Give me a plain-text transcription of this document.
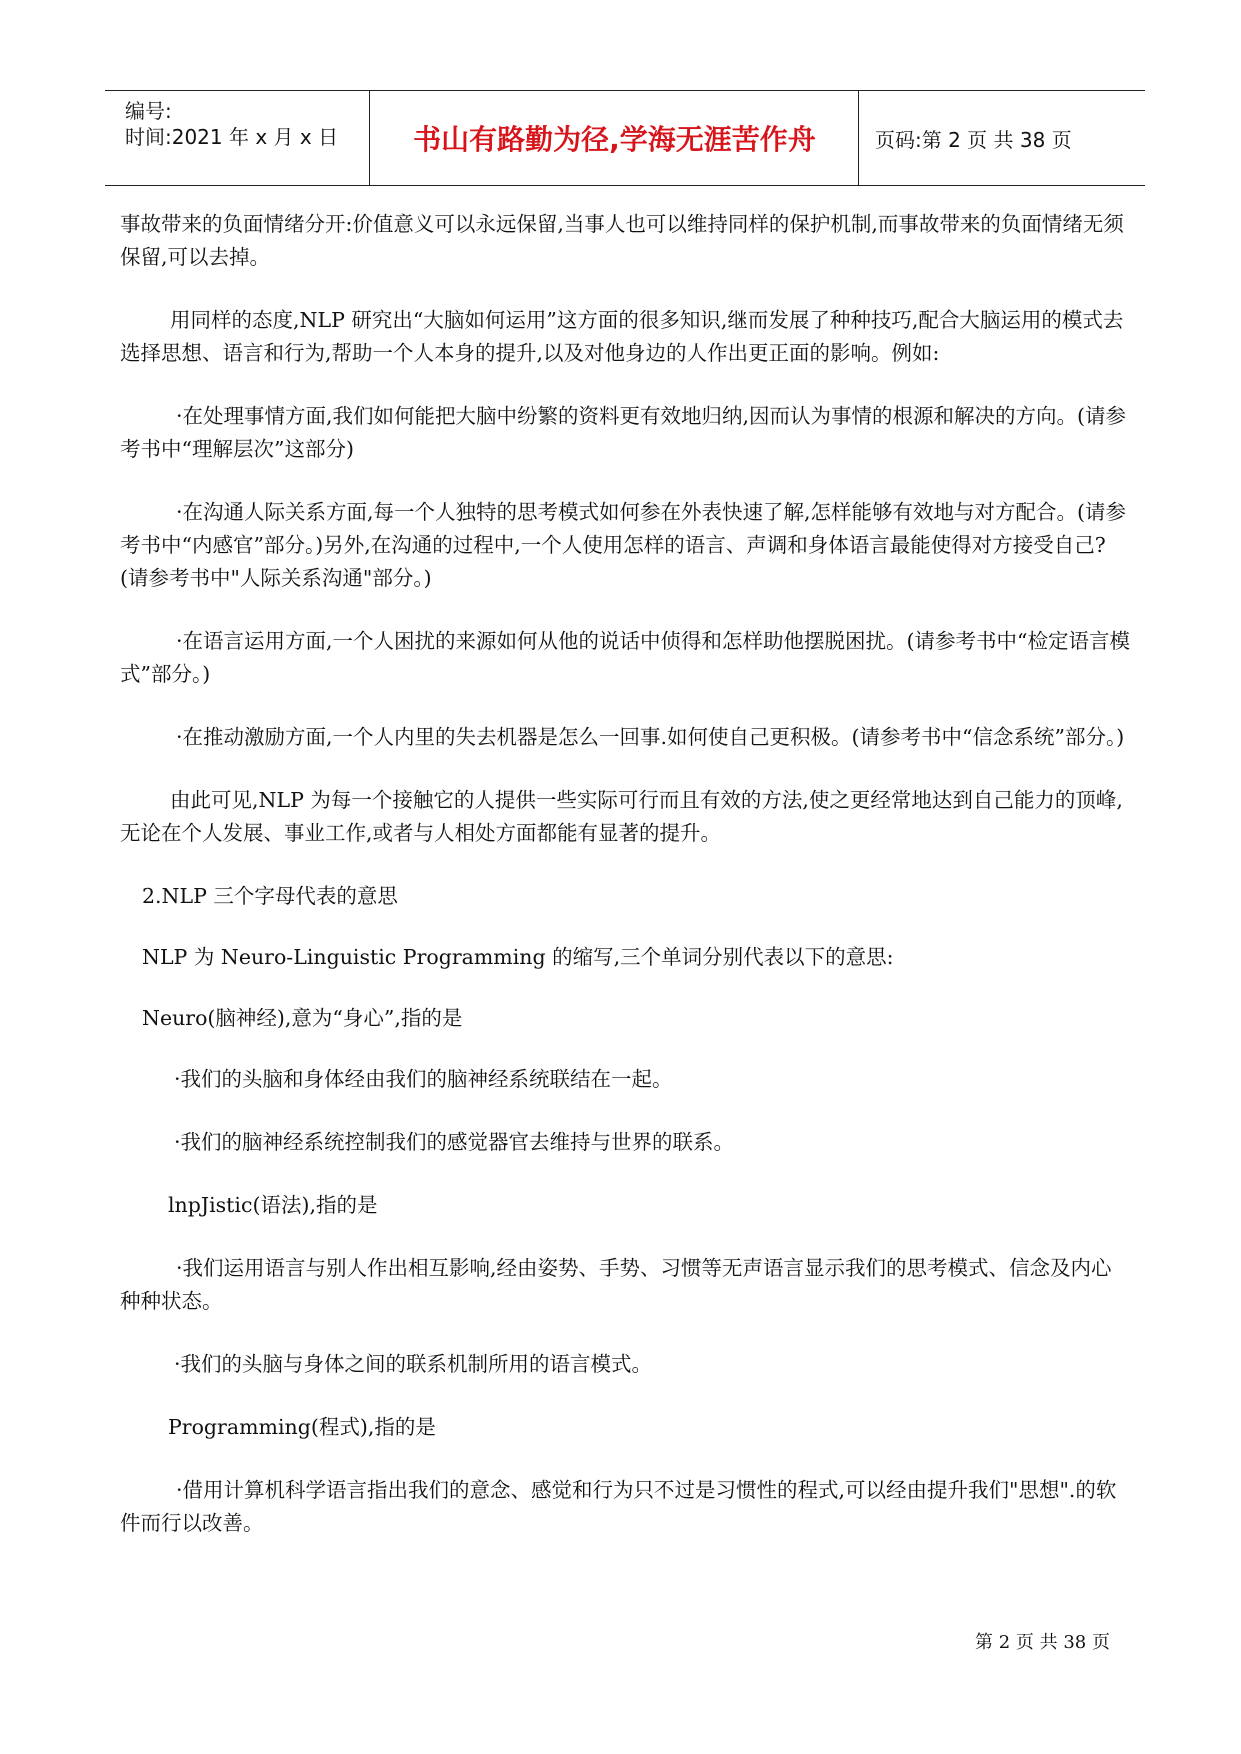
编号:
时间:2021 年 x 月 x 日	书山有路勤为径,学海无涯苦作舟	页码:第 2 页 共 38 页

事故带来的负面情绪分开:价值意义可以永远保留,当事人也可以维持同样的保护机制,而事故带来的负面情绪无须保留,可以去掉。

用同样的态度,NLP 研究出“大脑如何运用”这方面的很多知识,继而发展了种种技巧,配合大脑运用的模式去选择思想、语言和行为,帮助一个人本身的提升,以及对他身边的人作出更正面的影响。例如:

·在处理事情方面,我们如何能把大脑中纷繁的资料更有效地归纳,因而认为事情的根源和解决的方向。(请参考书中“理解层次”这部分)

·在沟通人际关系方面,每一个人独特的思考模式如何参在外表快速了解,怎样能够有效地与对方配合。(请参考书中“内感官”部分。)另外,在沟通的过程中,一个人使用怎样的语言、声调和身体语言最能使得对方接受自己?(请参考书中"人际关系沟通"部分。)

·在语言运用方面,一个人困扰的来源如何从他的说话中侦得和怎样助他摆脱困扰。(请参考书中“检定语言模式”部分。)

·在推动激励方面,一个人内里的失去机器是怎么一回事.如何使自己更积极。(请参考书中“信念系统”部分。)

由此可见,NLP 为每一个接触它的人提供一些实际可行而且有效的方法,使之更经常地达到自己能力的顶峰,无论在个人发展、事业工作,或者与人相处方面都能有显著的提升。

2.NLP 三个字母代表的意思

NLP 为 Neuro-Linguistic Programming 的缩写,三个单词分别代表以下的意思:

Neuro(脑神经),意为“身心”,指的是

·我们的头脑和身体经由我们的脑神经系统联结在一起。

·我们的脑神经系统控制我们的感觉器官去维持与世界的联系。

lnpJistic(语法),指的是

·我们运用语言与别人作出相互影响,经由姿势、手势、习惯等无声语言显示我们的思考模式、信念及内心种种状态。

·我们的头脑与身体之间的联系机制所用的语言模式。

Programming(程式),指的是

·借用计算机科学语言指出我们的意念、感觉和行为只不过是习惯性的程式,可以经由提升我们"思想".的软件而行以改善。

第 2 页 共 38 页
